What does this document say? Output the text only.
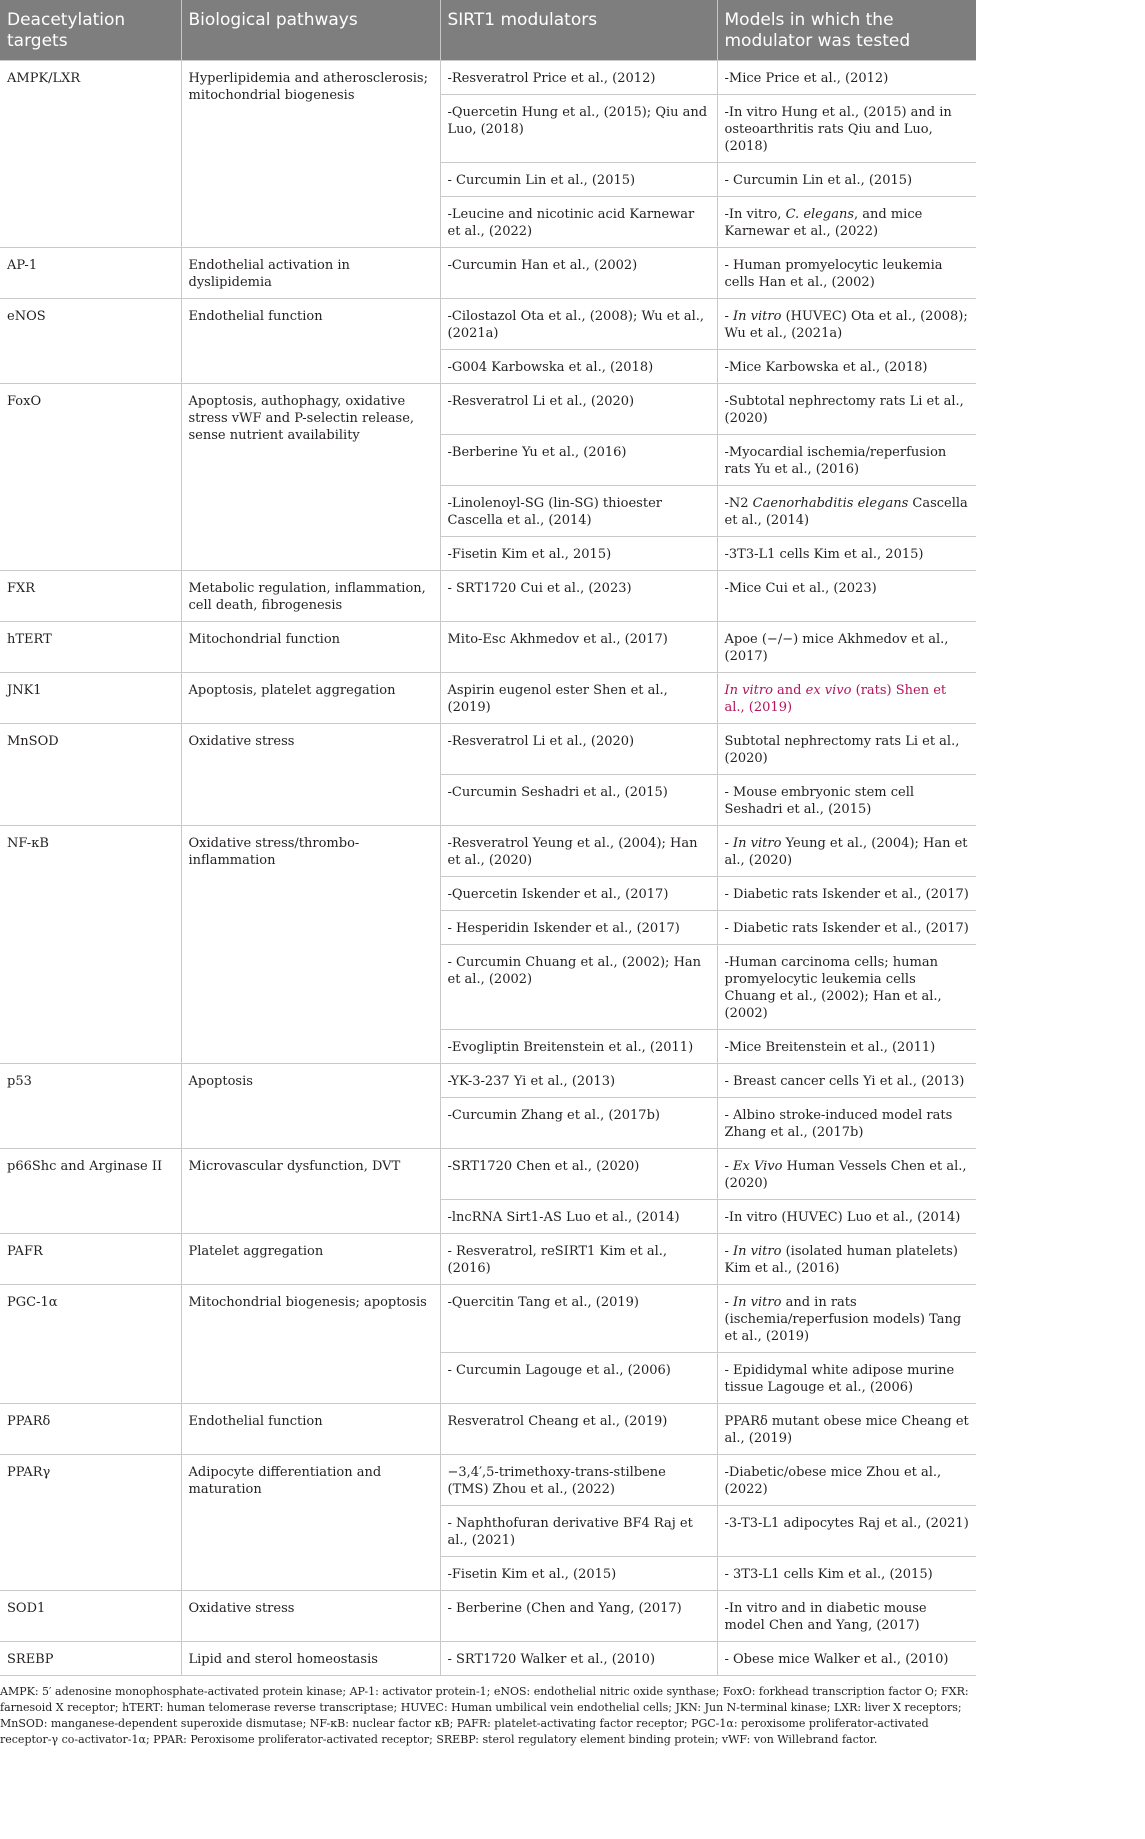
Deacetylation targets	Biological pathways	SIRT1 modulators	Models in which the modulator was tested
AMPK/LXR	Hyperlipidemia and atherosclerosis; mitochondrial biogenesis	-Resveratrol Price et al., (2012)	-Mice Price et al., (2012)
		-Quercetin Hung et al., (2015); Qiu and Luo, (2018)	-In vitro Hung et al., (2015) and in osteoarthritis rats Qiu and Luo, (2018)
		- Curcumin Lin et al., (2015)	- Curcumin Lin et al., (2015)
		-Leucine and nicotinic acid Karnewar et al., (2022)	-In vitro, C. elegans, and mice Karnewar et al., (2022)
AP-1	Endothelial activation in dyslipidemia	-Curcumin Han et al., (2002)	- Human promyelocytic leukemia cells Han et al., (2002)
eNOS	Endothelial function	-Cilostazol Ota et al., (2008); Wu et al., (2021a)	- In vitro (HUVEC) Ota et al., (2008); Wu et al., (2021a)
		-G004 Karbowska et al., (2018)	-Mice Karbowska et al., (2018)
FoxO	Apoptosis, authophagy, oxidative stress vWF and P-selectin release, sense nutrient availability	-Resveratrol Li et al., (2020)	-Subtotal nephrectomy rats Li et al., (2020)
		-Berberine Yu et al., (2016)	-Myocardial ischemia/reperfusion rats Yu et al., (2016)
		-Linolenoyl-SG (lin-SG) thioester Cascella et al., (2014)	-N2 Caenorhabditis elegans Cascella et al., (2014)
		-Fisetin Kim et al., 2015)	-3T3-L1 cells Kim et al., 2015)
FXR	Metabolic regulation, inflammation, cell death, fibrogenesis	- SRT1720 Cui et al., (2023)	-Mice Cui et al., (2023)
hTERT	Mitochondrial function	Mito-Esc Akhmedov et al., (2017)	Apoe (−/−) mice Akhmedov et al., (2017)
JNK1	Apoptosis, platelet aggregation	Aspirin eugenol ester Shen et al., (2019)	In vitro and ex vivo (rats) Shen et al., (2019)
MnSOD	Oxidative stress	-Resveratrol Li et al., (2020)	Subtotal nephrectomy rats Li et al., (2020)
		-Curcumin Seshadri et al., (2015)	- Mouse embryonic stem cell Seshadri et al., (2015)
NF-κB	Oxidative stress/thrombo-inflammation	-Resveratrol Yeung et al., (2004); Han et al., (2020)	- In vitro Yeung et al., (2004); Han et al., (2020)
		-Quercetin Iskender et al., (2017)	- Diabetic rats Iskender et al., (2017)
		- Hesperidin Iskender et al., (2017)	- Diabetic rats Iskender et al., (2017)
		- Curcumin Chuang et al., (2002); Han et al., (2002)	-Human carcinoma cells; human promyelocytic leukemia cells Chuang et al., (2002); Han et al., (2002)
		-Evogliptin Breitenstein et al., (2011)	-Mice Breitenstein et al., (2011)
p53	Apoptosis	-YK-3-237 Yi et al., (2013)	- Breast cancer cells Yi et al., (2013)
		-Curcumin Zhang et al., (2017b)	- Albino stroke-induced model rats Zhang et al., (2017b)
p66Shc and Arginase II	Microvascular dysfunction, DVT	-SRT1720 Chen et al., (2020)	- Ex Vivo Human Vessels Chen et al., (2020)
		-lncRNA Sirt1-AS Luo et al., (2014)	-In vitro (HUVEC) Luo et al., (2014)
PAFR	Platelet aggregation	- Resveratrol, reSIRT1 Kim et al., (2016)	- In vitro (isolated human platelets) Kim et al., (2016)
PGC-1α	Mitochondrial biogenesis; apoptosis	-Quercitin Tang et al., (2019)	- In vitro and in rats (ischemia/reperfusion models) Tang et al., (2019)
		- Curcumin Lagouge et al., (2006)	- Epididymal white adipose murine tissue Lagouge et al., (2006)
PPARδ	Endothelial function	Resveratrol Cheang et al., (2019)	PPARδ mutant obese mice Cheang et al., (2019)
PPARγ	Adipocyte differentiation and maturation	−3,4′,5-trimethoxy-trans-stilbene (TMS) Zhou et al., (2022)	-Diabetic/obese mice Zhou et al., (2022)
		- Naphthofuran derivative BF4 Raj et al., (2021)	-3-T3-L1 adipocytes Raj et al., (2021)
		-Fisetin Kim et al., (2015)	- 3T3-L1 cells Kim et al., (2015)
SOD1	Oxidative stress	- Berberine (Chen and Yang, (2017)	-In vitro and in diabetic mouse model Chen and Yang, (2017)
SREBP	Lipid and sterol homeostasis	- SRT1720 Walker et al., (2010)	- Obese mice Walker et al., (2010)
AMPK: 5′ adenosine monophosphate-activated protein kinase; AP-1: activator protein-1; eNOS: endothelial nitric oxide synthase; FoxO: forkhead transcription factor O; FXR: farnesoid X receptor; hTERT: human telomerase reverse transcriptase; HUVEC: Human umbilical vein endothelial cells; JKN: Jun N-terminal kinase; LXR: liver X receptors; MnSOD: manganese-dependent superoxide dismutase; NF-κB: nuclear factor κB; PAFR: platelet-activating factor receptor; PGC-1α: peroxisome proliferator-activated receptor-γ co-activator-1α; PPAR: Peroxisome proliferator-activated receptor; SREBP: sterol regulatory element binding protein; vWF: von Willebrand factor.
